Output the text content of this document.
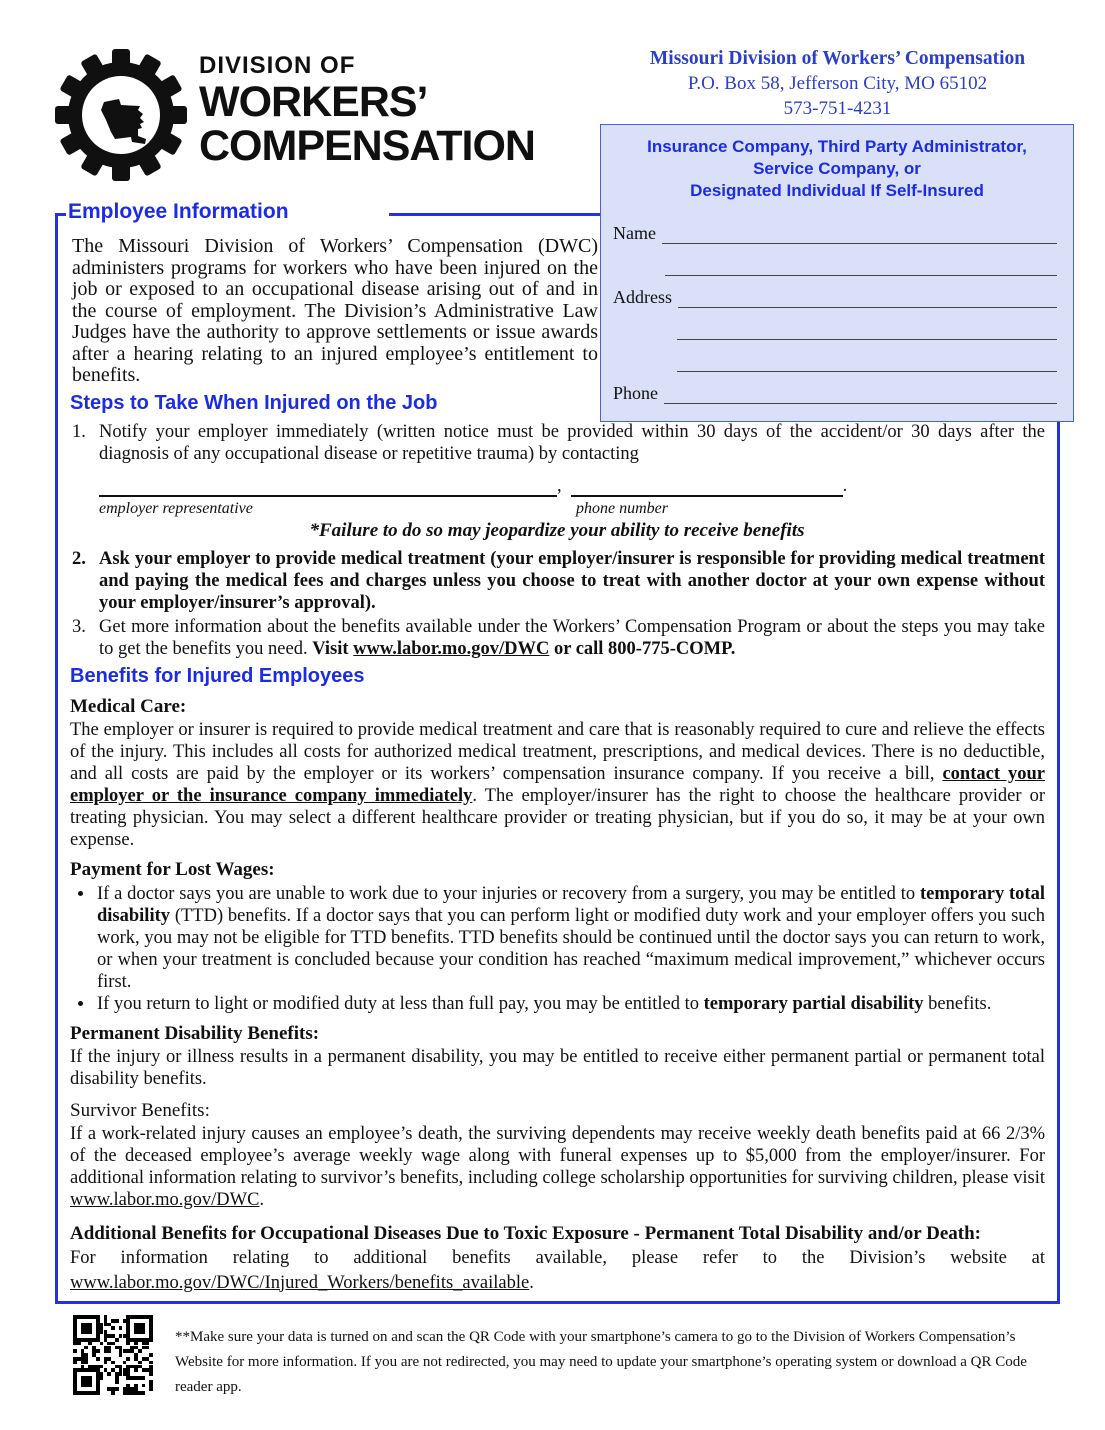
DIVISION OF
WORKERS’
COMPENSATION
Missouri Division of Workers’ Compensation
P.O. Box 58, Jefferson City, MO 65102
573-751-4231
Employee Information

The Missouri Division of Workers’ Compensation (DWC) administers programs for workers who have been injured on the job or exposed to an occupational disease arising out of and in the course of employment. The Division’s Administrative Law Judges have the authority to approve settlements or issue awards after a hearing relating to an injured employee’s entitlement to benefits.

Steps to Take When Injured on the Job
1. Notify your employer immediately (written notice must be provided within 30 days of the accident/or 30 days after the diagnosis of any occupational disease or repetitive trauma) by contacting
,	.
employer representative	phone number
*Failure to do so may jeopardize your ability to receive benefits
2. Ask your employer to provide medical treatment (your employer/insurer is responsible for providing medical treatment and paying the medical fees and charges unless you choose to treat with another doctor at your own expense without your employer/insurer’s approval).
3. Get more information about the benefits available under the Workers’ Compensation Program or about the steps you may take to get the benefits you need. Visit www.labor.mo.gov/DWC or call 800-775-COMP.
Benefits for Injured Employees
Medical Care:

The employer or insurer is required to provide medical treatment and care that is reasonably required to cure and relieve the effects of the injury. This includes all costs for authorized medical treatment, prescriptions, and medical devices. There is no deductible, and all costs are paid by the employer or its workers’ compensation insurance company. If you receive a bill, contact your employer or the insurance company immediately. The employer/insurer has the right to choose the healthcare provider or treating physician. You may select a different healthcare provider or treating physician, but if you do so, it may be at your own expense.

Payment for Lost Wages:
• If a doctor says you are unable to work due to your injuries or recovery from a surgery, you may be entitled to temporary total disability (TTD) benefits. If a doctor says that you can perform light or modified duty work and your employer offers you such work, you may not be eligible for TTD benefits. TTD benefits should be continued until the doctor says you can return to work, or when your treatment is concluded because your condition has reached “maximum medical improvement,” whichever occurs first.
• If you return to light or modified duty at less than full pay, you may be entitled to temporary partial disability benefits.
Permanent Disability Benefits:

If the injury or illness results in a permanent disability, you may be entitled to receive either permanent partial or permanent total disability benefits.

Survivor Benefits:

If a work-related injury causes an employee’s death, the surviving dependents may receive weekly death benefits paid at 66 2/3% of the deceased employee’s average weekly wage along with funeral expenses up to $5,000 from the employer/insurer. For additional information relating to survivor’s benefits, including college scholarship opportunities for surviving children, please visit www.labor.mo.gov/DWC.

Additional Benefits for Occupational Diseases Due to Toxic Exposure - Permanent Total Disability and/or Death:

For information relating to additional benefits available, please refer to the Division’s website at www.labor.mo.gov/DWC/Injured_Workers/benefits_available.

Insurance Company, Third Party Administrator,
Service Company, or
Designated Individual If Self-Insured
Name
Address
Phone

**Make sure your data is turned on and scan the QR Code with your smartphone’s camera to go to the Division of Workers Compensation’s Website for more information. If you are not redirected, you may need to update your smartphone’s operating system or download a QR Code reader app.
